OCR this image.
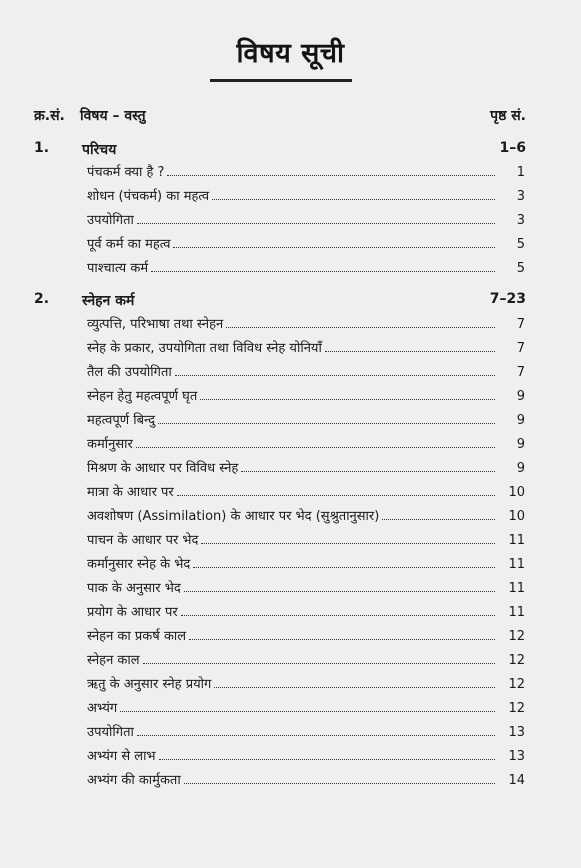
विषय सूची
क्र.सं. विषय – वस्तु	पृष्ठ सं.
1. परिचय	1–6
पंचकर्म क्या है ?	1
शोधन (पंचकर्म) का महत्व	3
उपयोगिता	3
पूर्व कर्म का महत्व	5
पाश्चात्य कर्म	5
2. स्नेहन कर्म	7–23
व्युत्पत्ति, परिभाषा तथा स्नेहन	7
स्नेह के प्रकार, उपयोगिता तथा विविध स्नेह योनियाँ	7
तैल की उपयोगिता	7
स्नेहन हेतु महत्वपूर्ण घृत	9
महत्वपूर्ण बिन्दु	9
कर्मानुसार	9
मिश्रण के आधार पर विविध स्नेह	9
मात्रा के आधार पर	10
अवशोषण (Assimilation) के आधार पर भेद (सुश्रुतानुसार)	10
पाचन के आधार पर भेद	11
कर्मानुसार स्नेह के भेद	11
पाक के अनुसार भेद	11
प्रयोग के आधार पर	11
स्नेहन का प्रकर्ष काल	12
स्नेहन काल	12
ऋतु के अनुसार स्नेह प्रयोग	12
अभ्यंग	12
उपयोगिता	13
अभ्यंग से लाभ	13
अभ्यंग की कार्मुकता	14
